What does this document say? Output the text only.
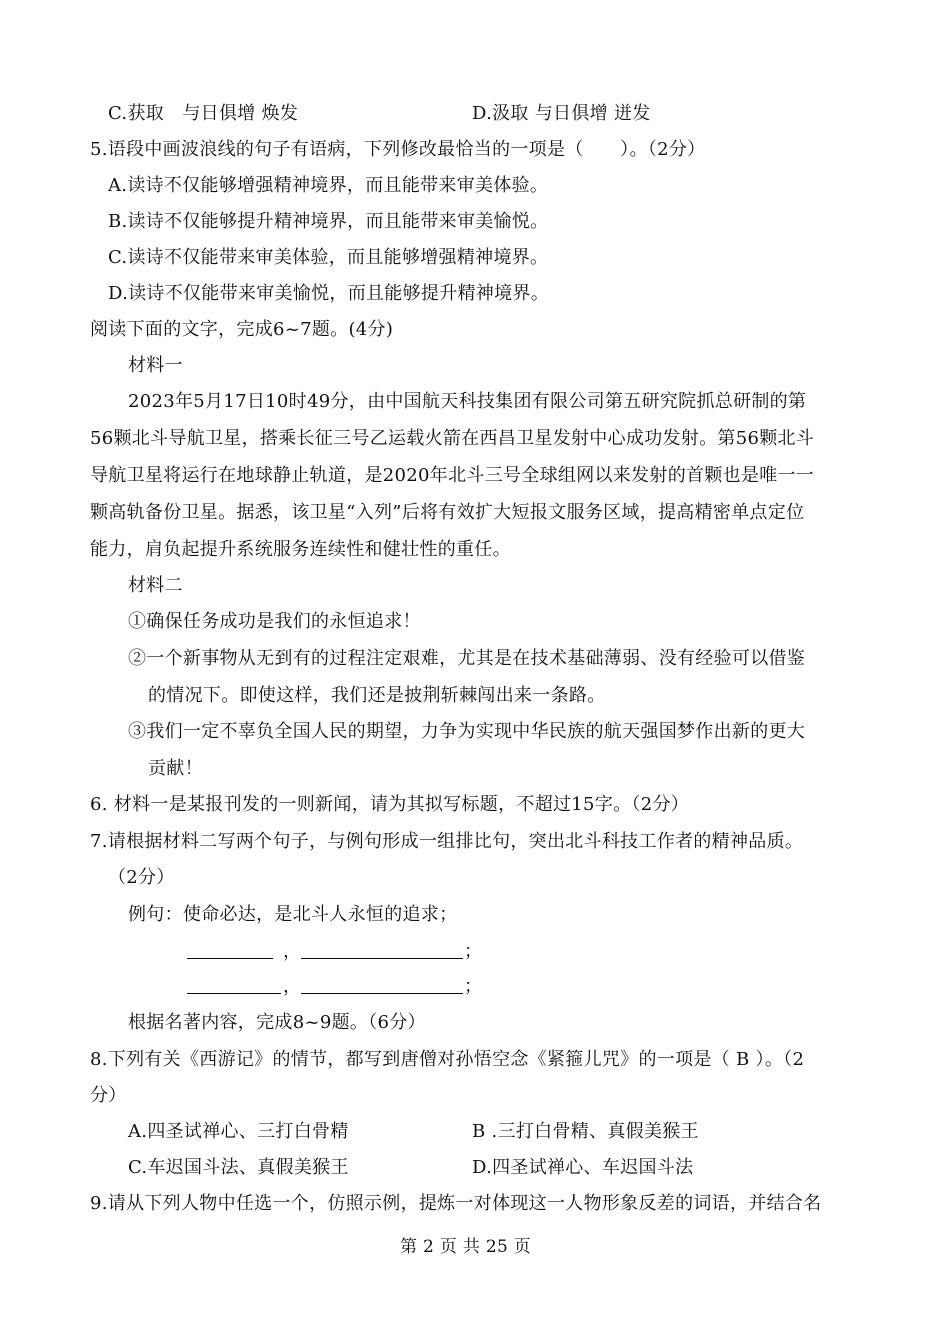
C.获取　与日俱增 焕发	D.汲取 与日俱增 迸发
5.语段中画波浪线的句子有语病，下列修改最恰当的一项是（　　）。（2分）
A.读诗不仅能够增强精神境界，而且能带来审美体验。
B.读诗不仅能够提升精神境界，而且能带来审美愉悦。
C.读诗不仅能带来审美体验，而且能够增强精神境界。
D.读诗不仅能带来审美愉悦，而且能够提升精神境界。
阅读下面的文字，完成6~7题。(4分)
材料一
2023年5月17日10时49分，由中国航天科技集团有限公司第五研究院抓总研制的第
56颗北斗导航卫星，搭乘长征三号乙运载火箭在西昌卫星发射中心成功发射。第56颗北斗
导航卫星将运行在地球静止轨道，是2020年北斗三号全球组网以来发射的首颗也是唯一一
颗高轨备份卫星。据悉，该卫星“入列”后将有效扩大短报文服务区域，提高精密单点定位
能力，肩负起提升系统服务连续性和健壮性的重任。
材料二
①确保任务成功是我们的永恒追求！
②一个新事物从无到有的过程注定艰难，尤其是在技术基础薄弱、没有经验可以借鉴
的情况下。即使这样，我们还是披荆斩棘闯出来一条路。
③我们一定不辜负全国人民的期望，力争为实现中华民族的航天强国梦作出新的更大
贡献！
6. 材料一是某报刊发的一则新闻，请为其拟写标题，不超过15字。（2分）
7.请根据材料二写两个句子，与例句形成一组排比句，突出北斗科技工作者的精神品质。
（2分）
例句：使命必达，是北斗人永恒的追求；
，	；
，	；
根据名著内容，完成8~9题。（6分）
8.下列有关《西游记》的情节，都写到唐僧对孙悟空念《紧箍儿咒》的一项是（ B ）。（2
分）
A.四圣试禅心、三打白骨精	B .三打白骨精、真假美猴王
C.车迟国斗法、真假美猴王	D.四圣试禅心、车迟国斗法
9.请从下列人物中任选一个，仿照示例，提炼一对体现这一人物形象反差的词语，并结合名
第 2 页 共 25 页
